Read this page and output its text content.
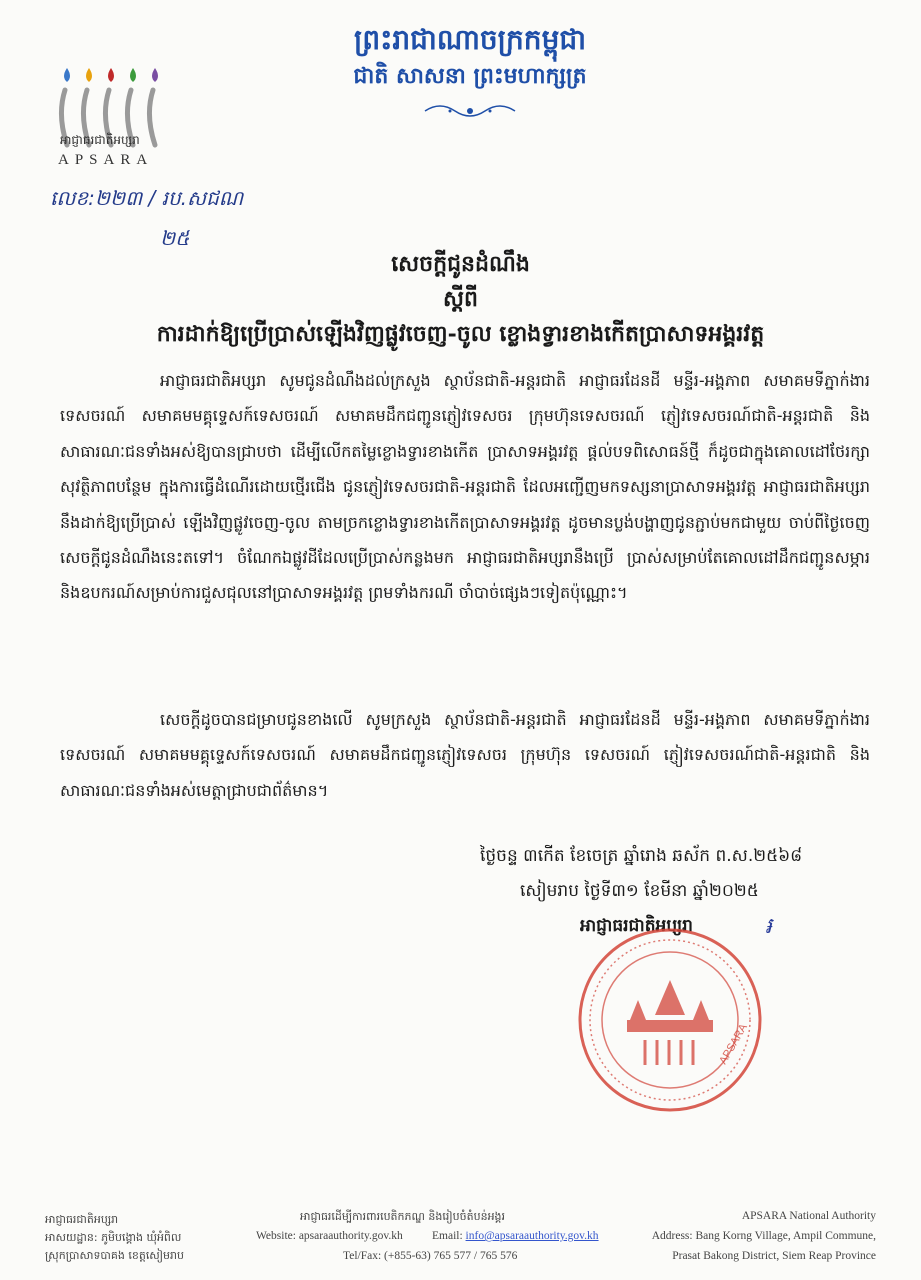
អាជ្ញាធរជាតិអប្សរា
APSARA
ព្រះរាជាណាចក្រកម្ពុជា
ជាតិ សាសនា ព្រះមហាក្សត្រ
លេខ:២២៣ / រប.សជណ
២៥
សេចក្តីជូនដំណឹង
ស្តីពី
ការដាក់ឱ្យប្រើប្រាស់ឡើងវិញផ្លូវចេញ-ចូល ខ្លោងទ្វារខាងកើតប្រាសាទអង្គរវត្ត
អាជ្ញាធរជាតិអប្សរា សូមជូនដំណឹងដល់ក្រសួង ស្ថាប័នជាតិ-អន្តរជាតិ អាជ្ញាធរដែនដី មន្ទីរ-អង្គភាព សមាគមទីភ្នាក់ងារទេសចរណ៍ សមាគមមគ្គុទ្ទេសក៍ទេសចរណ៍ សមាគមដឹកជញ្ជូនភ្ញៀវទេសចរ ក្រុមហ៊ុនទេសចរណ៍ ភ្ញៀវទេសចរណ៍ជាតិ-អន្តរជាតិ និងសាធារណៈជនទាំងអស់ឱ្យបានជ្រាបថា ដើម្បីលើកតម្លៃខ្លោងទ្វារខាងកើត ប្រាសាទអង្គរវត្ត ផ្តល់បទពិសោធន៍ថ្មី ក៏ដូចជាក្នុងគោលដៅថែរក្សាសុវត្ថិភាពបន្ថែម ក្នុងការធ្វើដំណើរដោយថ្មើរជើង ជូនភ្ញៀវទេសចរជាតិ-អន្តរជាតិ ដែលអញ្ជើញមកទស្សនាប្រាសាទអង្គរវត្ត អាជ្ញាធរជាតិអប្សរានឹងដាក់ឱ្យប្រើប្រាស់ ឡើងវិញផ្លូវចេញ-ចូល តាមច្រកខ្លោងទ្វារខាងកើតប្រាសាទអង្គរវត្ត ដូចមានប្លង់បង្ហាញជូនភ្ជាប់មកជាមួយ ចាប់ពីថ្ងៃចេញសេចក្តីជូនដំណឹងនេះតទៅ។ ចំណែកឯផ្លូវដីដែលប្រើប្រាស់កន្លងមក អាជ្ញាធរជាតិអប្សរានឹងប្រើ ប្រាស់សម្រាប់តែគោលដៅដឹកជញ្ជូនសម្ភារ និងឧបករណ៍សម្រាប់ការជួសជុលនៅប្រាសាទអង្គរវត្ត ព្រមទាំងករណី ចាំបាច់ផ្សេងៗទៀតប៉ុណ្ណោះ។
សេចក្តីដូចបានជម្រាបជូនខាងលើ សូមក្រសួង ស្ថាប័នជាតិ-អន្តរជាតិ អាជ្ញាធរដែនដី មន្ទីរ-អង្គភាព សមាគមទីភ្នាក់ងារទេសចរណ៍ សមាគមមគ្គុទ្ទេសក៍ទេសចរណ៍ សមាគមដឹកជញ្ជូនភ្ញៀវទេសចរ ក្រុមហ៊ុន ទេសចរណ៍ ភ្ញៀវទេសចរណ៍ជាតិ-អន្តរជាតិ និងសាធារណៈជនទាំងអស់មេត្តាជ្រាបជាព័ត៌មាន។
ថ្ងៃចន្ទ ៣កើត ខែចេត្រ ឆ្នាំរោង ឆស័ក ព.ស.២៥៦៨
សៀមរាប ថ្ងៃទី៣១ ខែមីនា ឆ្នាំ២០២៥
អាជ្ញាធរជាតិអប្សរា	៛
APSARA
អាជ្ញាធរជាតិអប្សរា
អាសយដ្ឋាន: ភូមិបង្គោង ឃុំអំពិល
ស្រុកប្រាសាទបាគង ខេត្តសៀមរាប
អាជ្ញាធរដើម្បីការពារបេតិកភណ្ឌ និងរៀបចំតំបន់អង្គរ
Website: apsaraauthority.gov.kh	Email: info@apsaraauthority.gov.kh
Tel/Fax: (+855-63) 765 577 / 765 576
APSARA National Authority
Address: Bang Korng Village, Ampil Commune,
Prasat Bakong District, Siem Reap Province
